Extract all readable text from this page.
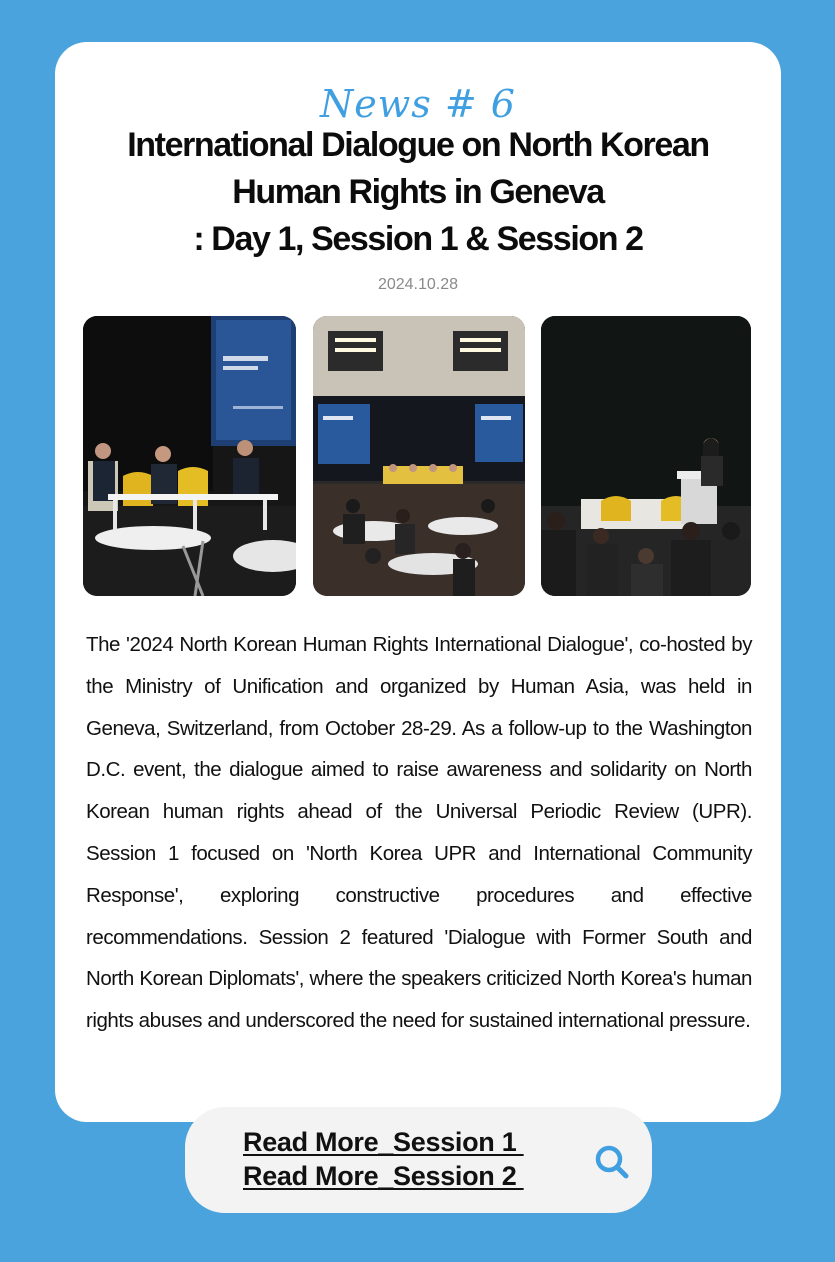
News # 6
International Dialogue on North Korean
Human Rights in Geneva
: Day 1, Session 1 & Session 2
2024.10.28

The '2024 North Korean Human Rights International Dialogue', co-hosted by the Ministry of Unification and organized by Human Asia, was held in Geneva, Switzerland, from October 28-29. As a follow-up to the Washington D.C. event, the dialogue aimed to raise awareness and solidarity on North Korean human rights ahead of the Universal Periodic Review (UPR). Session 1 focused on 'North Korea UPR and International Community Response', exploring constructive procedures and effective recommendations. Session 2 featured 'Dialogue with Former South and North Korean Diplomats', where the speakers criticized North Korea's human rights abuses and underscored the need for sustained international pressure.

Read More_Session 1
Read More_Session 2
